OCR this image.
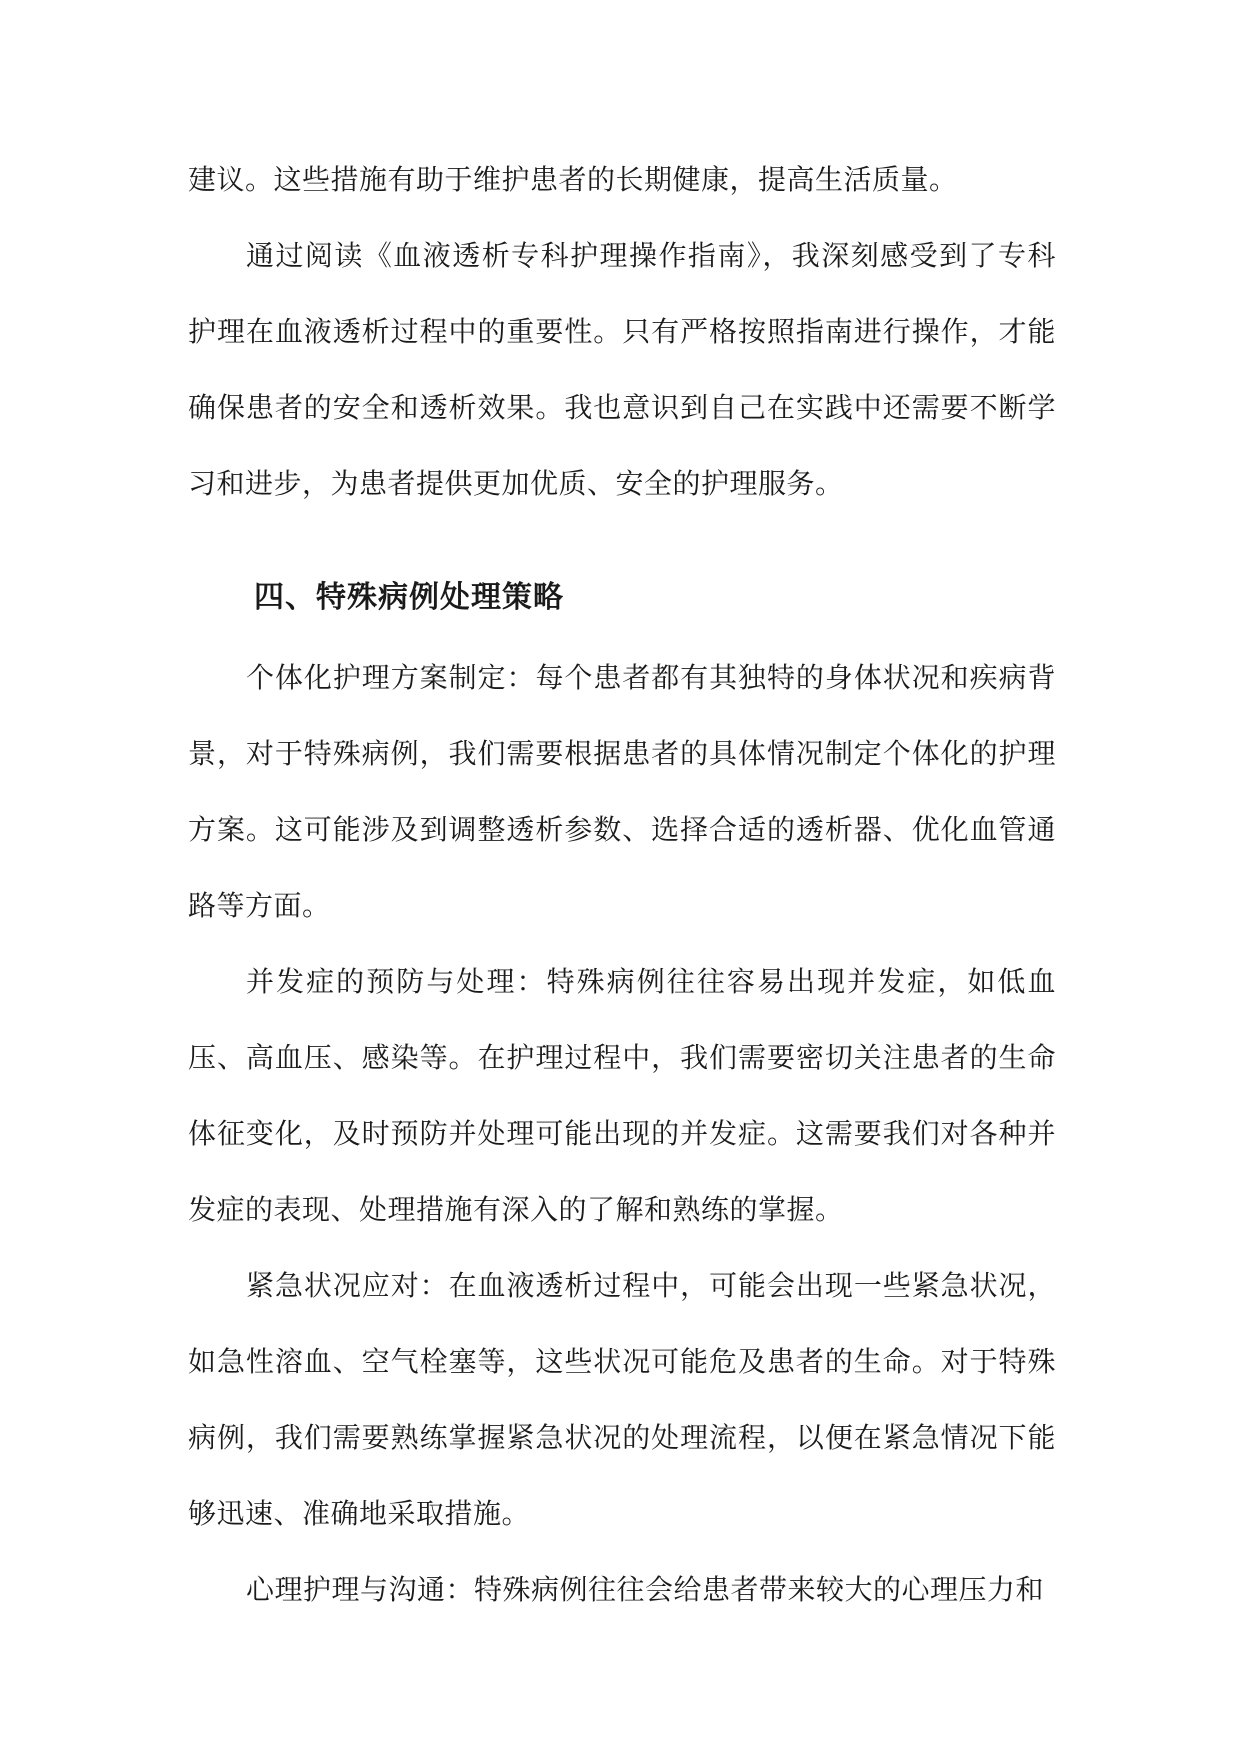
建议。这些措施有助于维护患者的长期健康，提高生活质量。

通过阅读《血液透析专科护理操作指南》，我深刻感受到了专科护理在血液透析过程中的重要性。只有严格按照指南进行操作，才能确保患者的安全和透析效果。我也意识到自己在实践中还需要不断学习和进步，为患者提供更加优质、安全的护理服务。

四、特殊病例处理策略

个体化护理方案制定：每个患者都有其独特的身体状况和疾病背景，对于特殊病例，我们需要根据患者的具体情况制定个体化的护理方案。这可能涉及到调整透析参数、选择合适的透析器、优化血管通路等方面。

并发症的预防与处理：特殊病例往往容易出现并发症，如低血压、高血压、感染等。在护理过程中，我们需要密切关注患者的生命体征变化，及时预防并处理可能出现的并发症。这需要我们对各种并发症的表现、处理措施有深入的了解和熟练的掌握。

紧急状况应对：在血液透析过程中，可能会出现一些紧急状况，如急性溶血、空气栓塞等，这些状况可能危及患者的生命。对于特殊病例，我们需要熟练掌握紧急状况的处理流程，以便在紧急情况下能够迅速、准确地采取措施。

心理护理与沟通：特殊病例往往会给患者带来较大的心理压力和
